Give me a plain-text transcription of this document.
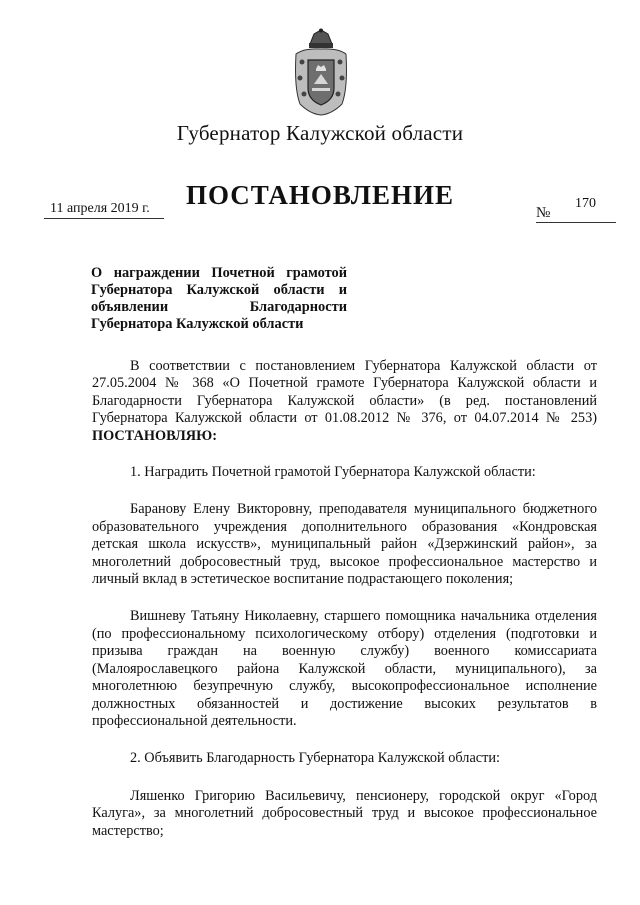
Губернатор Калужской области
ПОСТАНОВЛЕНИЕ
11 апреля 2019 г.	№
170
О награждении Почетной грамотой Губернатора Калужской области и объявлении Благодарности Губернатора Калужской области

В соответствии с постановлением Губернатора Калужской области от 27.05.2004 № 368 «О Почетной грамоте Губернатора Калужской области и Благодарности Губернатора Калужской области» (в ред. постановлений Губернатора Калужской области от 01.08.2012 № 376, от 04.07.2014 № 253) ПОСТАНОВЛЯЮ:

1. Наградить Почетной грамотой Губернатора Калужской области:

Баранову Елену Викторовну, преподавателя муниципального бюджетного образовательного учреждения дополнительного образования «Кондровская детская школа искусств», муниципальный район «Дзержинский район», за многолетний добросовестный труд, высокое профессиональное мастерство и личный вклад в эстетическое воспитание подрастающего поколения;

Вишневу Татьяну Николаевну, старшего помощника начальника отделения (по профессиональному психологическому отбору) отделения (подготовки и призыва граждан на военную службу) военного комиссариата (Малоярославецкого района Калужской области, муниципального), за многолетнюю безупречную службу, высокопрофессиональное исполнение должностных обязанностей и достижение высоких результатов в профессиональной деятельности.

2. Объявить Благодарность Губернатора Калужской области:

Ляшенко Григорию Васильевичу, пенсионеру, городской округ «Город Калуга», за многолетний добросовестный труд и высокое профессиональное мастерство;
